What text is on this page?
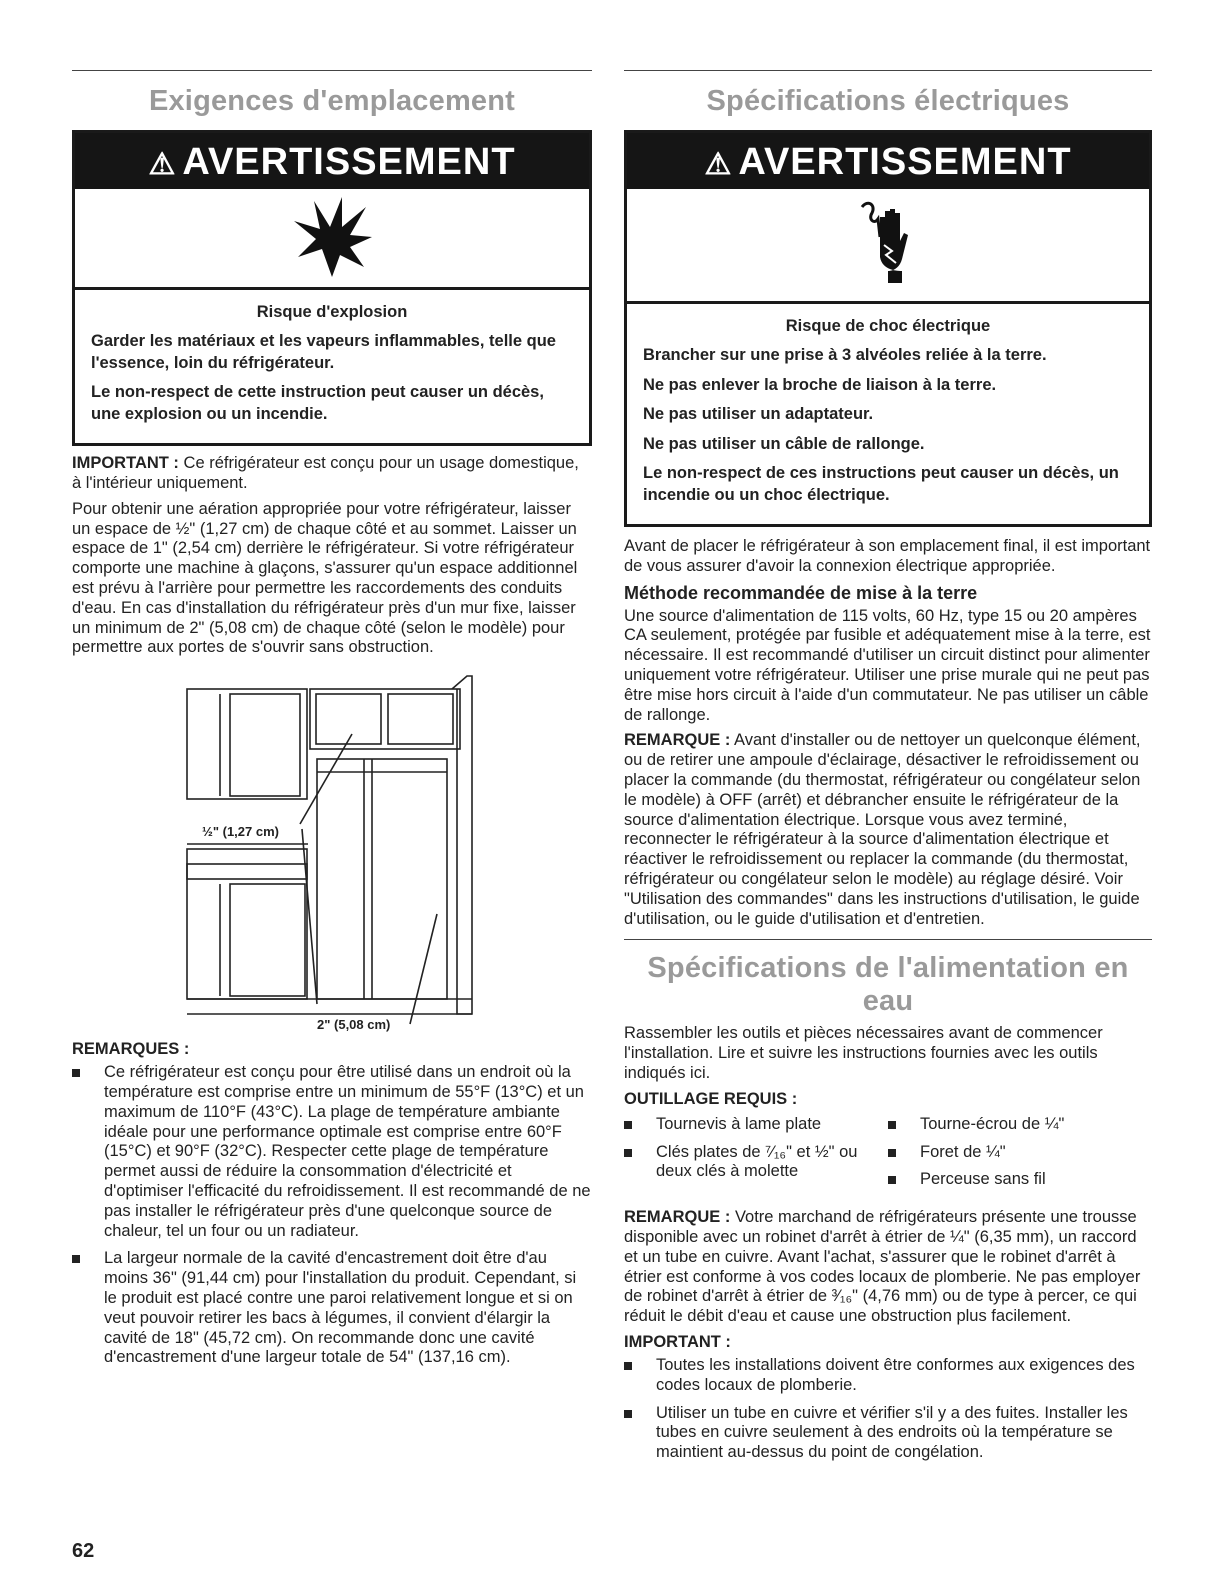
Exigences d'emplacement
⚠ AVERTISSEMENT

Risque d'explosion

Garder les matériaux et les vapeurs inflammables, telle que l'essence, loin du réfrigérateur.

Le non-respect de cette instruction peut causer un décès, une explosion ou un incendie.

IMPORTANT : Ce réfrigérateur est conçu pour un usage domestique, à l'intérieur uniquement.

Pour obtenir une aération appropriée pour votre réfrigérateur, laisser un espace de ½" (1,27 cm) de chaque côté et au sommet. Laisser un espace de 1" (2,54 cm) derrière le réfrigérateur. Si votre réfrigérateur comporte une machine à glaçons, s'assurer qu'un espace additionnel est prévu à l'arrière pour permettre les raccordements des conduits d'eau. En cas d'installation du réfrigérateur près d'un mur fixe, laisser un minimum de 2" (5,08 cm) de chaque côté (selon le modèle) pour permettre aux portes de s'ouvrir sans obstruction.

½" (1,27 cm)
2" (5,08 cm)
REMARQUES :
Ce réfrigérateur est conçu pour être utilisé dans un endroit où la température est comprise entre un minimum de 55°F (13°C) et un maximum de 110°F (43°C). La plage de température ambiante idéale pour une performance optimale est comprise entre 60°F (15°C) et 90°F (32°C). Respecter cette plage de température permet aussi de réduire la consommation d'électricité et d'optimiser l'efficacité du refroidissement. Il est recommandé de ne pas installer le réfrigérateur près d'une quelconque source de chaleur, tel un four ou un radiateur.
La largeur normale de la cavité d'encastrement doit être d'au moins 36" (91,44 cm) pour l'installation du produit. Cependant, si le produit est placé contre une paroi relativement longue et si on veut pouvoir retirer les bacs à légumes, il convient d'élargir la cavité de 18" (45,72 cm). On recommande donc une cavité d'encastrement d'une largeur totale de 54" (137,16 cm).
Spécifications électriques
⚠ AVERTISSEMENT

Risque de choc électrique

Brancher sur une prise à 3 alvéoles reliée à la terre.

Ne pas enlever la broche de liaison à la terre.

Ne pas utiliser un adaptateur.

Ne pas utiliser un câble de rallonge.

Le non-respect de ces instructions peut causer un décès, un incendie ou un choc électrique.

Avant de placer le réfrigérateur à son emplacement final, il est important de vous assurer d'avoir la connexion électrique appropriée.

Méthode recommandée de mise à la terre

Une source d'alimentation de 115 volts, 60 Hz, type 15 ou 20 ampères CA seulement, protégée par fusible et adéquatement mise à la terre, est nécessaire. Il est recommandé d'utiliser un circuit distinct pour alimenter uniquement votre réfrigérateur. Utiliser une prise murale qui ne peut pas être mise hors circuit à l'aide d'un commutateur. Ne pas utiliser un câble de rallonge.

REMARQUE : Avant d'installer ou de nettoyer un quelconque élément, ou de retirer une ampoule d'éclairage, désactiver le refroidissement ou placer la commande (du thermostat, réfrigérateur ou congélateur selon le modèle) à OFF (arrêt) et débrancher ensuite le réfrigérateur de la source d'alimentation électrique. Lorsque vous avez terminé, reconnecter le réfrigérateur à la source d'alimentation électrique et réactiver le refroidissement ou replacer la commande (du thermostat, réfrigérateur ou congélateur selon le modèle) au réglage désiré. Voir "Utilisation des commandes" dans les instructions d'utilisation, le guide d'utilisation, ou le guide d'utilisation et d'entretien.

Spécifications de l'alimentation en eau

Rassembler les outils et pièces nécessaires avant de commencer l'installation. Lire et suivre les instructions fournies avec les outils indiqués ici.

OUTILLAGE REQUIS :
Tournevis à lame plate
Clés plates de ⁷⁄₁₆" et ½" ou deux clés à molette
Tourne-écrou de ¼"
Foret de ¼"
Perceuse sans fil

REMARQUE : Votre marchand de réfrigérateurs présente une trousse disponible avec un robinet d'arrêt à étrier de ¼" (6,35 mm), un raccord et un tube en cuivre. Avant l'achat, s'assurer que le robinet d'arrêt à étrier est conforme à vos codes locaux de plomberie. Ne pas employer de robinet d'arrêt à étrier de ³⁄₁₆" (4,76 mm) ou de type à percer, ce qui réduit le débit d'eau et cause une obstruction plus facilement.

IMPORTANT :
Toutes les installations doivent être conformes aux exigences des codes locaux de plomberie.
Utiliser un tube en cuivre et vérifier s'il y a des fuites. Installer les tubes en cuivre seulement à des endroits où la température se maintient au-dessus du point de congélation.
62
